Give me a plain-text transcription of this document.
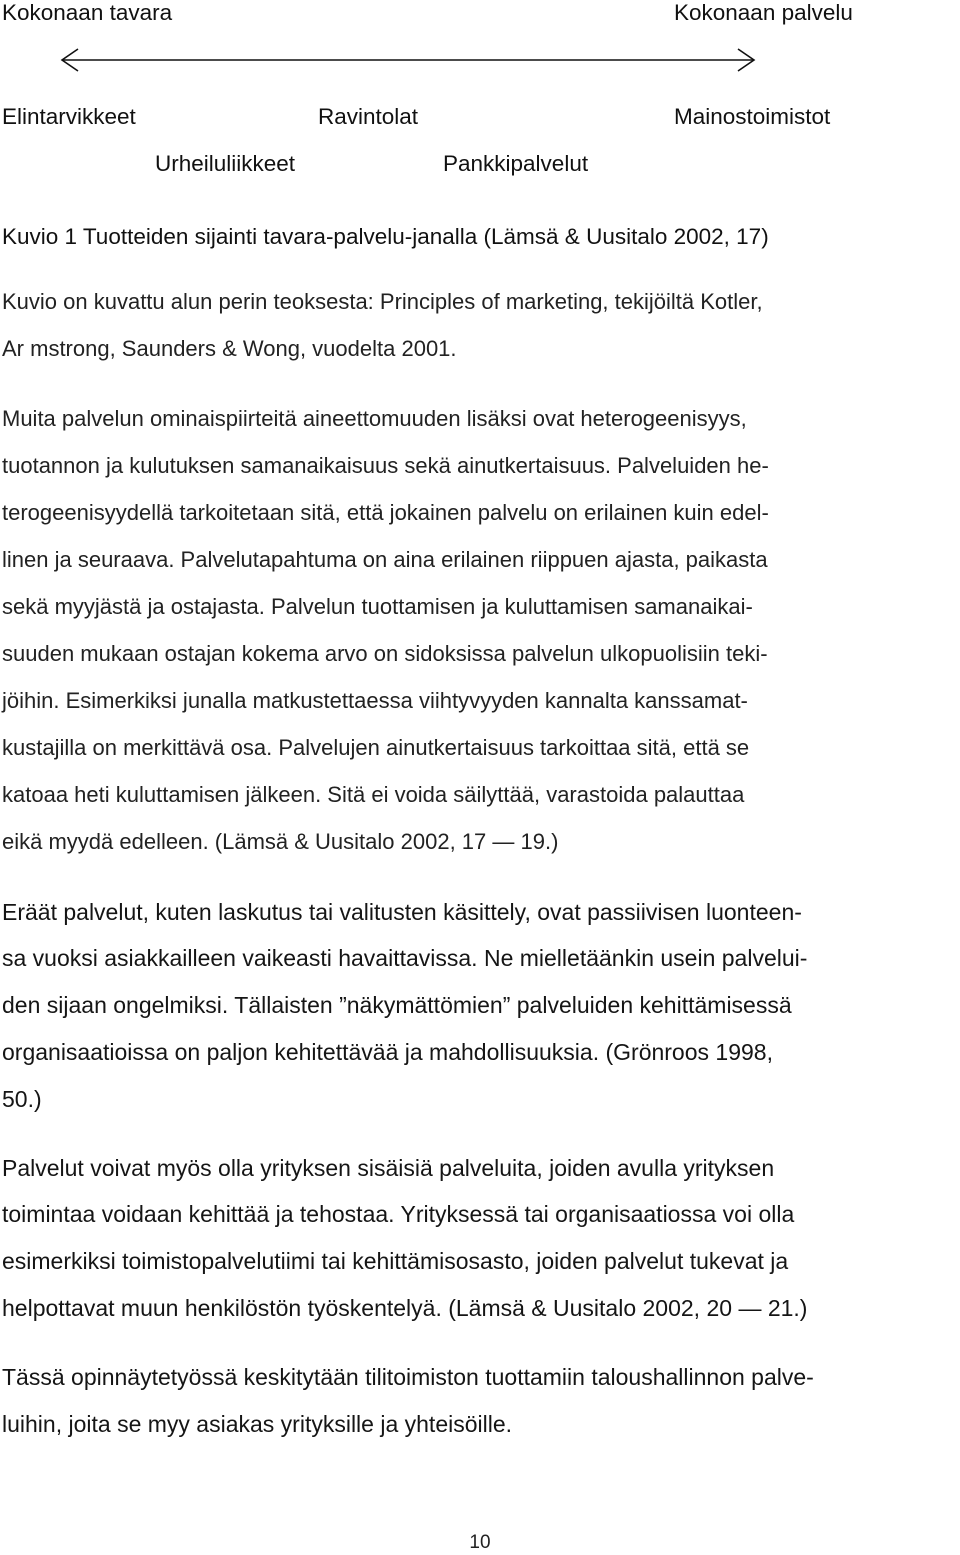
Kokonaan tavara	Kokonaan palvelu

Elintarvikkeet	Ravintolat	Mainostoimistot

Urheiluliikkeet	Pankkipalvelut

Kuvio 1 Tuotteiden sijainti tavara-palvelu-janalla (Lämsä & Uusitalo 2002, 17)

Kuvio on kuvattu alun perin teoksesta: Principles of marketing, tekijöiltä Kotler,

Ar mstrong, Saunders & Wong, vuodelta 2001.

Muita palvelun ominaispiirteitä aineettomuuden lisäksi ovat heterogeenisyys,

tuotannon ja kulutuksen samanaikaisuus sekä ainutkertaisuus. Palveluiden he-

terogeenisyydellä tarkoitetaan sitä, että jokainen palvelu on erilainen kuin edel-

linen ja seuraava. Palvelutapahtuma on aina erilainen riippuen ajasta, paikasta

sekä myyjästä ja ostajasta. Palvelun tuottamisen ja kuluttamisen samanaikai-

suuden mukaan ostajan kokema arvo on sidoksissa palvelun ulkopuolisiin teki-

jöihin. Esimerkiksi junalla matkustettaessa viihtyvyyden kannalta kanssamat-

kustajilla on merkittävä osa. Palvelujen ainutkertaisuus tarkoittaa sitä, että se

katoaa heti kuluttamisen jälkeen. Sitä ei voida säilyttää, varastoida palauttaa

eikä myydä edelleen. (Lämsä & Uusitalo 2002, 17 — 19.)

Eräät palvelut, kuten laskutus tai valitusten käsittely, ovat passiivisen luonteen-

sa vuoksi asiakkailleen vaikeasti havaittavissa. Ne mielletäänkin usein palvelui-

den sijaan ongelmiksi. Tällaisten ”näkymättömien” palveluiden kehittämisessä

organisaatioissa on paljon kehitettävää ja mahdollisuuksia. (Grönroos 1998,

50.)

Palvelut voivat myös olla yrityksen sisäisiä palveluita, joiden avulla yrityksen

toimintaa voidaan kehittää ja tehostaa. Yrityksessä tai organisaatiossa voi olla

esimerkiksi toimistopalvelutiimi tai kehittämisosasto, joiden palvelut tukevat ja

helpottavat muun henkilöstön työskentelyä. (Lämsä & Uusitalo 2002, 20 — 21.)

Tässä opinnäytetyössä keskitytään tilitoimiston tuottamiin taloushallinnon palve-

luihin, joita se myy asiakas yrityksille ja yhteisöille.

10
